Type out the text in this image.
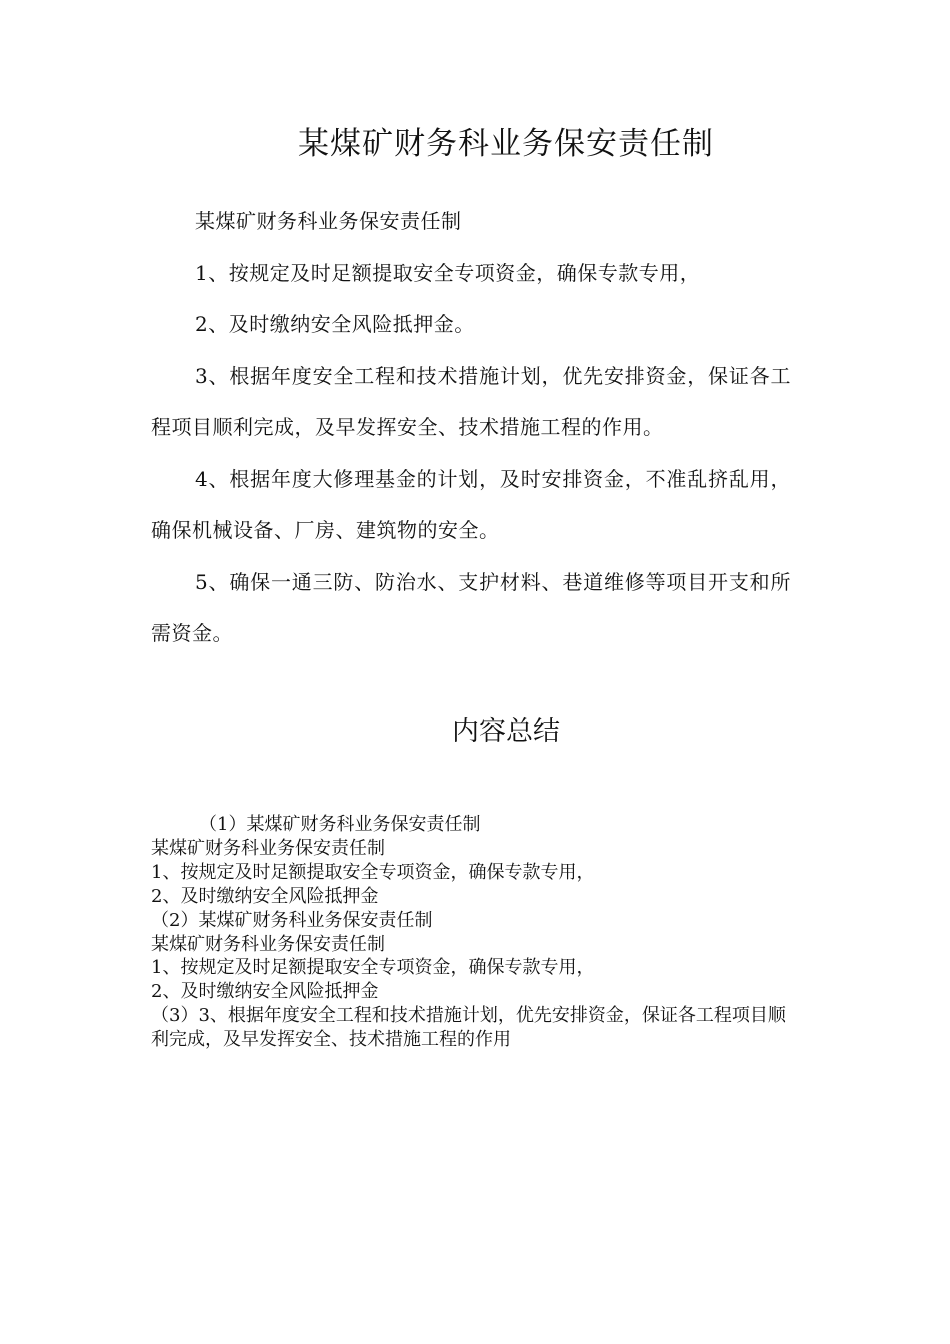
某煤矿财务科业务保安责任制

某煤矿财务科业务保安责任制

1、按规定及时足额提取安全专项资金，确保专款专用，

2、及时缴纳安全风险抵押金。

3、根据年度安全工程和技术措施计划，优先安排资金，保证各工程项目顺利完成，及早发挥安全、技术措施工程的作用。

4、根据年度大修理基金的计划，及时安排资金，不准乱挤乱用，确保机械设备、厂房、建筑物的安全。

5、确保一通三防、防治水、支护材料、巷道维修等项目开支和所需资金。

内容总结

（1）某煤矿财务科业务保安责任制

某煤矿财务科业务保安责任制

1、按规定及时足额提取安全专项资金，确保专款专用，

2、及时缴纳安全风险抵押金

（2）某煤矿财务科业务保安责任制

某煤矿财务科业务保安责任制

1、按规定及时足额提取安全专项资金，确保专款专用，

2、及时缴纳安全风险抵押金

（3）3、根据年度安全工程和技术措施计划，优先安排资金，保证各工程项目顺利完成，及早发挥安全、技术措施工程的作用
